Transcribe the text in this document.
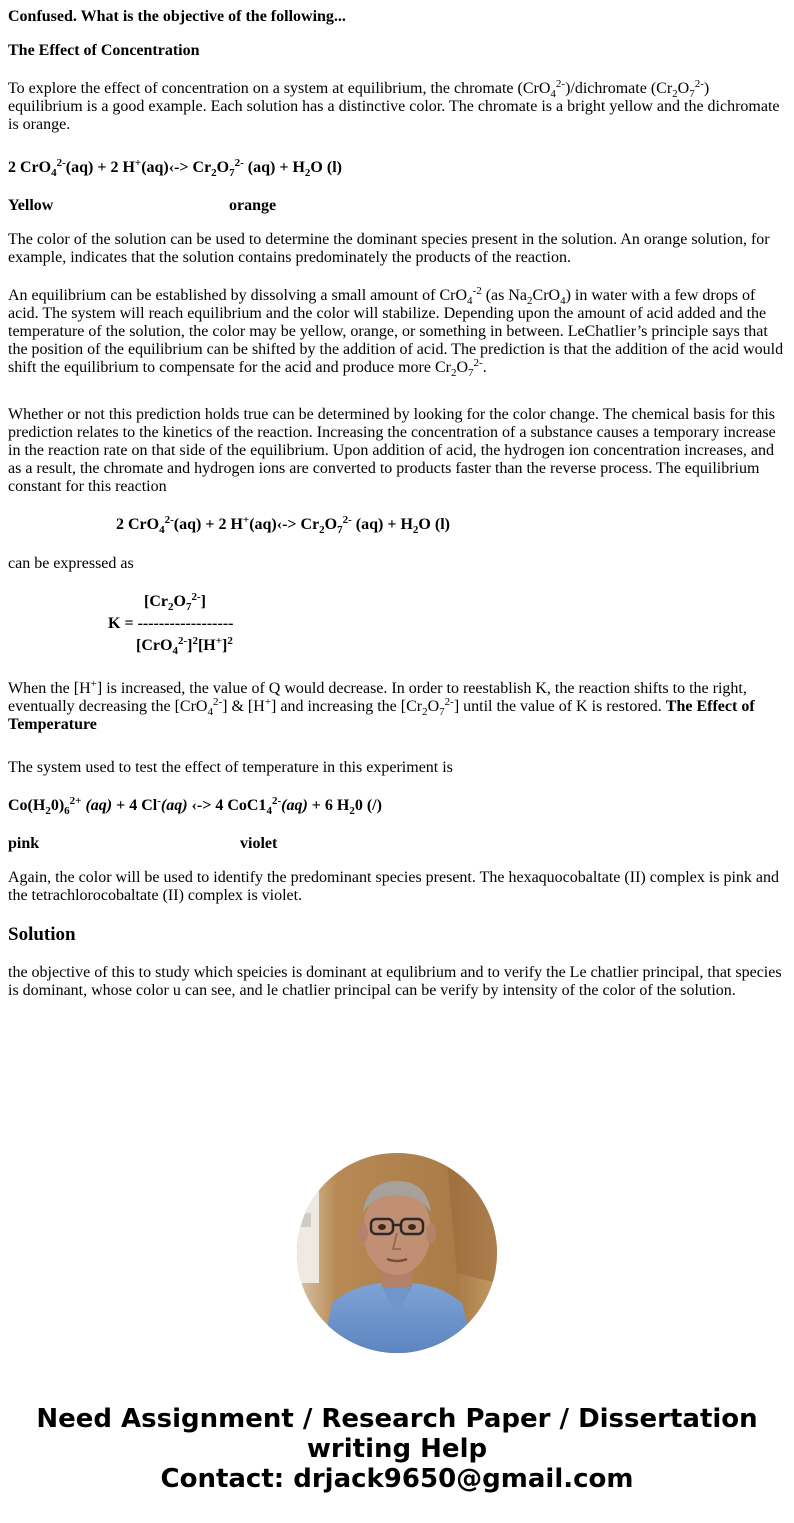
Confused. What is the objective of the following...

The Effect of Concentration

To explore the effect of concentration on a system at equilibrium, the chromate (CrO$_4^{2-}$)/dichromate $(Cr_2O_7^{2-})$ equilibrium is a good example. Each solution has a distinctive color. The chromate is a bright yellow and the dichromate is orange.

2 CrO$_4^{2-}$(aq) + 2 H+(aq)‹-> $Cr_2O_7^{2-}$ $(aq) + H_2O$ (l)

Yellow	orange

The color of the solution can be used to determine the dominant species present in the solution. An orange solution, for example, indicates that the solution contains predominately the products of the reaction.

An equilibrium can be established by dissolving a small amount of CrO$_4^{-2}$ (as $Na_2CrO_4$) in water with a few drops of acid. The system will reach equilibrium and the color will stabilize. Depending upon the amount of acid added and the temperature of the solution, the color may be yellow, orange, or something in between. LeChatlier’s principle says that the position of the equilibrium can be shifted by the addition of acid. The prediction is that the addition of the acid would shift the equilibrium to compensate for the acid and produce more $Cr_2O_7^{2-}$.

Whether or not this prediction holds true can be determined by looking for the color change. The chemical basis for this prediction relates to the kinetics of the reaction. Increasing the concentration of a substance causes a temporary increase in the reaction rate on that side of the equilibrium. Upon addition of acid, the hydrogen ion concentration increases, and as a result, the chromate and hydrogen ions are converted to products faster than the reverse process. The equilibrium constant for this reaction

2 CrO$_4^{2-}$(aq) + 2 H+(aq)‹-> $Cr_2O_7^{2-}$ $(aq) + H_2O$ (l)

can be expressed as

$[Cr_2O_7^{2-}]$

K = ------------------

$[CrO_4^{2-}]^2[H^+]^2$

When the [H+] is increased, the value of Q would decrease. In order to reestablish K, the reaction shifts to the right, eventually decreasing the [CrO$_4^{2-}$] & [H+] and increasing the $[Cr_2O_7^{2-}]$ until the value of K is restored. The Effect of Temperature

The system used to test the effect of temperature in this experiment is

$Co(H_20)_6^{2+}$ (aq) + 4 Cl-(aq) ‹-> 4 $CoC1_4^{2-}(aq) + 6$ $H_20$ (/)

pink	violet

Again, the color will be used to identify the predominant species present. The hexaquocobaltate (II) complex is pink and the tetrachlorocobaltate (II) complex is violet.

Solution

the objective of this to study which speicies is dominant at equlibrium and to verify the Le chatlier principal, that species is dominant, whose color u can see, and le chatlier principal can be verify by intensity of the color of the solution.

Need Assignment / Research Paper / Dissertation
writing Help
Contact: drjack9650@gmail.com
